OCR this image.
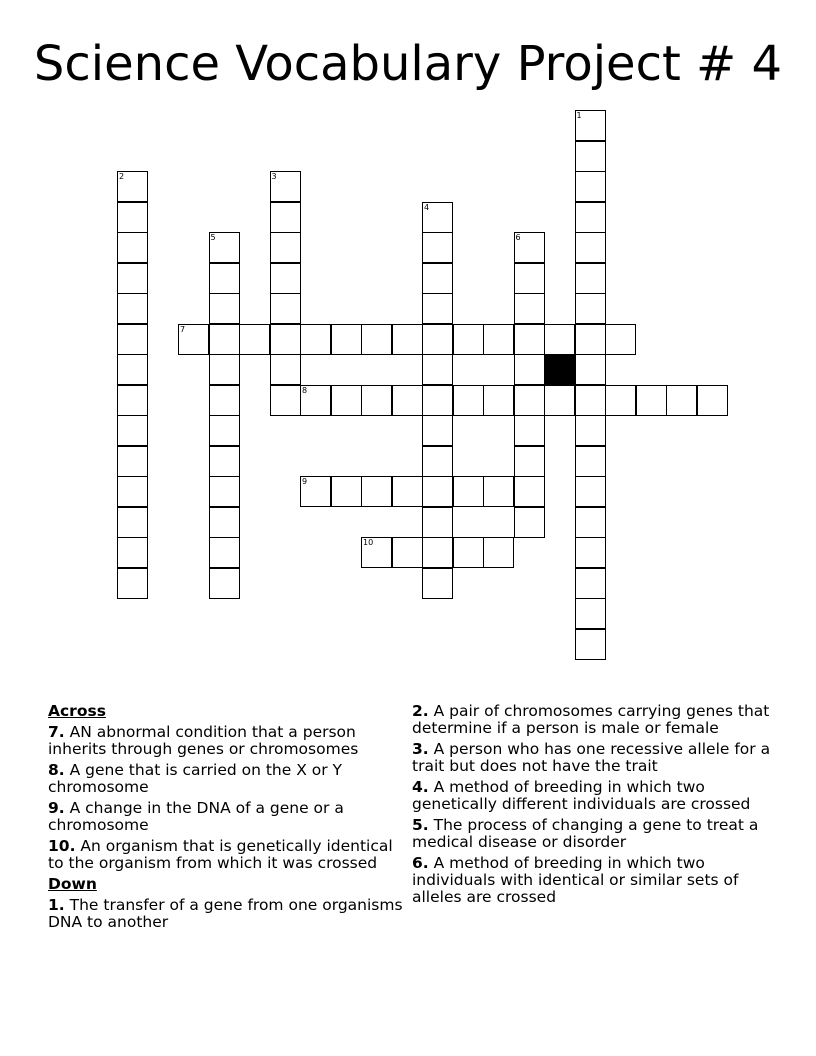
Science Vocabulary Project # 4
1
2	3
4
5	6
7
8
9
10
Across
7. AN abnormal condition that a person inherits through genes or chromosomes
8. A gene that is carried on the X or Y chromosome
9. A change in the DNA of a gene or a chromosome
10. An organism that is genetically identical to the organism from which it was crossed
Down
1. The transfer of a gene from one organisms DNA to another
2. A pair of chromosomes carrying genes that determine if a person is male or female
3. A person who has one recessive allele for a trait but does not have the trait
4. A method of breeding in which two genetically different individuals are crossed
5. The process of changing a gene to treat a medical disease or disorder
6. A method of breeding in which two individuals with identical or similar sets of alleles are crossed
